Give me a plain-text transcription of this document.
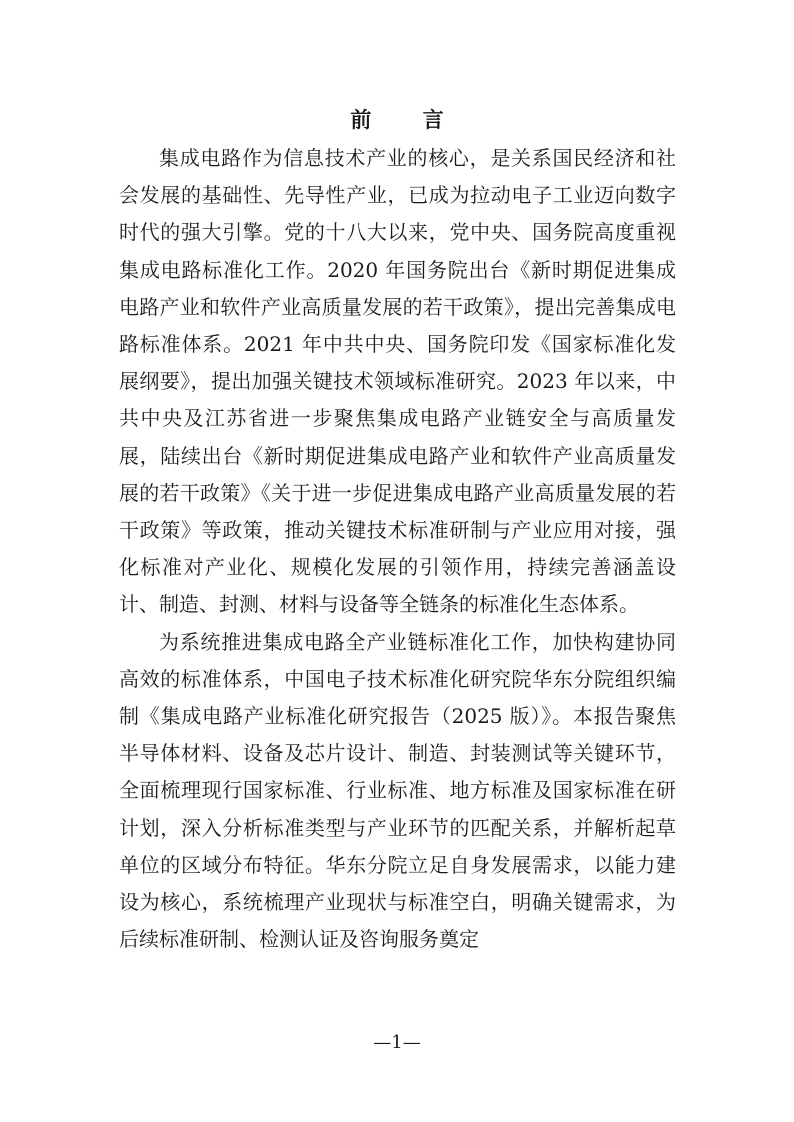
前 言

集成电路作为信息技术产业的核心，是关系国民经济和社会发展的基础性、先导性产业，已成为拉动电子工业迈向数字时代的强大引擎。党的十八大以来，党中央、国务院高度重视集成电路标准化工作。2020 年国务院出台《新时期促进集成电路产业和软件产业高质量发展的若干政策》，提出完善集成电路标准体系。2021 年中共中央、国务院印发《国家标准化发展纲要》，提出加强关键技术领域标准研究。2023 年以来，中共中央及江苏省进一步聚焦集成电路产业链安全与高质量发展，陆续出台《新时期促进集成电路产业和软件产业高质量发展的若干政策》《关于进一步促进集成电路产业高质量发展的若干政策》等政策，推动关键技术标准研制与产业应用对接，强化标准对产业化、规模化发展的引领作用，持续完善涵盖设计、制造、封测、材料与设备等全链条的标准化生态体系。

为系统推进集成电路全产业链标准化工作，加快构建协同高效的标准体系，中国电子技术标准化研究院华东分院组织编制《集成电路产业标准化研究报告（2025 版）》。本报告聚焦半导体材料、设备及芯片设计、制造、封装测试等关键环节，全面梳理现行国家标准、行业标准、地方标准及国家标准在研计划，深入分析标准类型与产业环节的匹配关系，并解析起草单位的区域分布特征。华东分院立足自身发展需求，以能力建设为核心，系统梳理产业现状与标准空白，明确关键需求，为后续标准研制、检测认证及咨询服务奠定

—1—
